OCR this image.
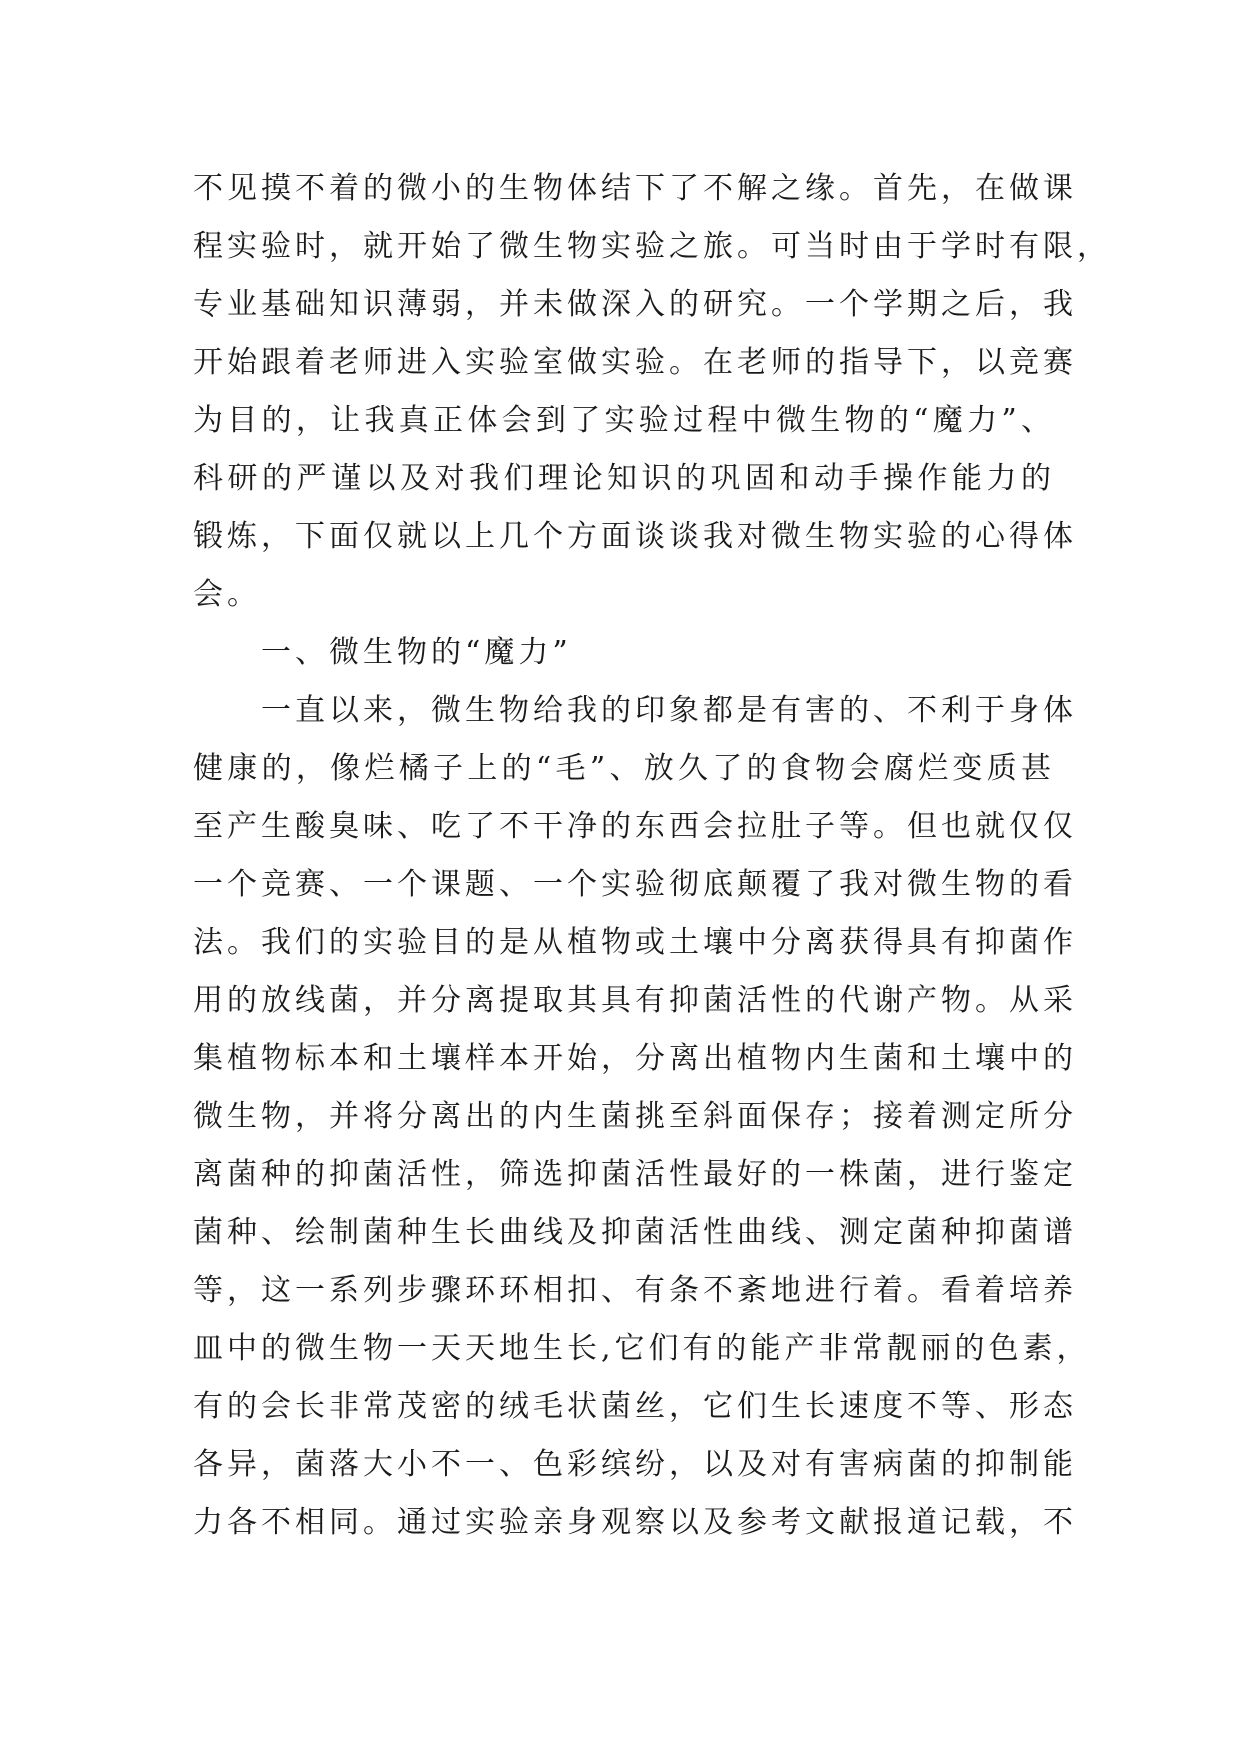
不见摸不着的微小的生物体结下了不解之缘。首先，在做课
程实验时，就开始了微生物实验之旅。可当时由于学时有限，
专业基础知识薄弱，并未做深入的研究。一个学期之后，我
开始跟着老师进入实验室做实验。在老师的指导下，以竞赛
为目的，让我真正体会到了实验过程中微生物的“魔力”、
科研的严谨以及对我们理论知识的巩固和动手操作能力的
锻炼，下面仅就以上几个方面谈谈我对微生物实验的心得体
会。
一、微生物的“魔力”
一直以来，微生物给我的印象都是有害的、不利于身体
健康的，像烂橘子上的“毛”、放久了的食物会腐烂变质甚
至产生酸臭味、吃了不干净的东西会拉肚子等。但也就仅仅
一个竞赛、一个课题、一个实验彻底颠覆了我对微生物的看
法。我们的实验目的是从植物或土壤中分离获得具有抑菌作
用的放线菌，并分离提取其具有抑菌活性的代谢产物。从采
集植物标本和土壤样本开始，分离出植物内生菌和土壤中的
微生物，并将分离出的内生菌挑至斜面保存；接着测定所分
离菌种的抑菌活性，筛选抑菌活性最好的一株菌，进行鉴定
菌种、绘制菌种生长曲线及抑菌活性曲线、测定菌种抑菌谱
等，这一系列步骤环环相扣、有条不紊地进行着。看着培养
皿中的微生物一天天地生长,它们有的能产非常靓丽的色素，
有的会长非常茂密的绒毛状菌丝，它们生长速度不等、形态
各异，菌落大小不一、色彩缤纷，以及对有害病菌的抑制能
力各不相同。通过实验亲身观察以及参考文献报道记载，不
